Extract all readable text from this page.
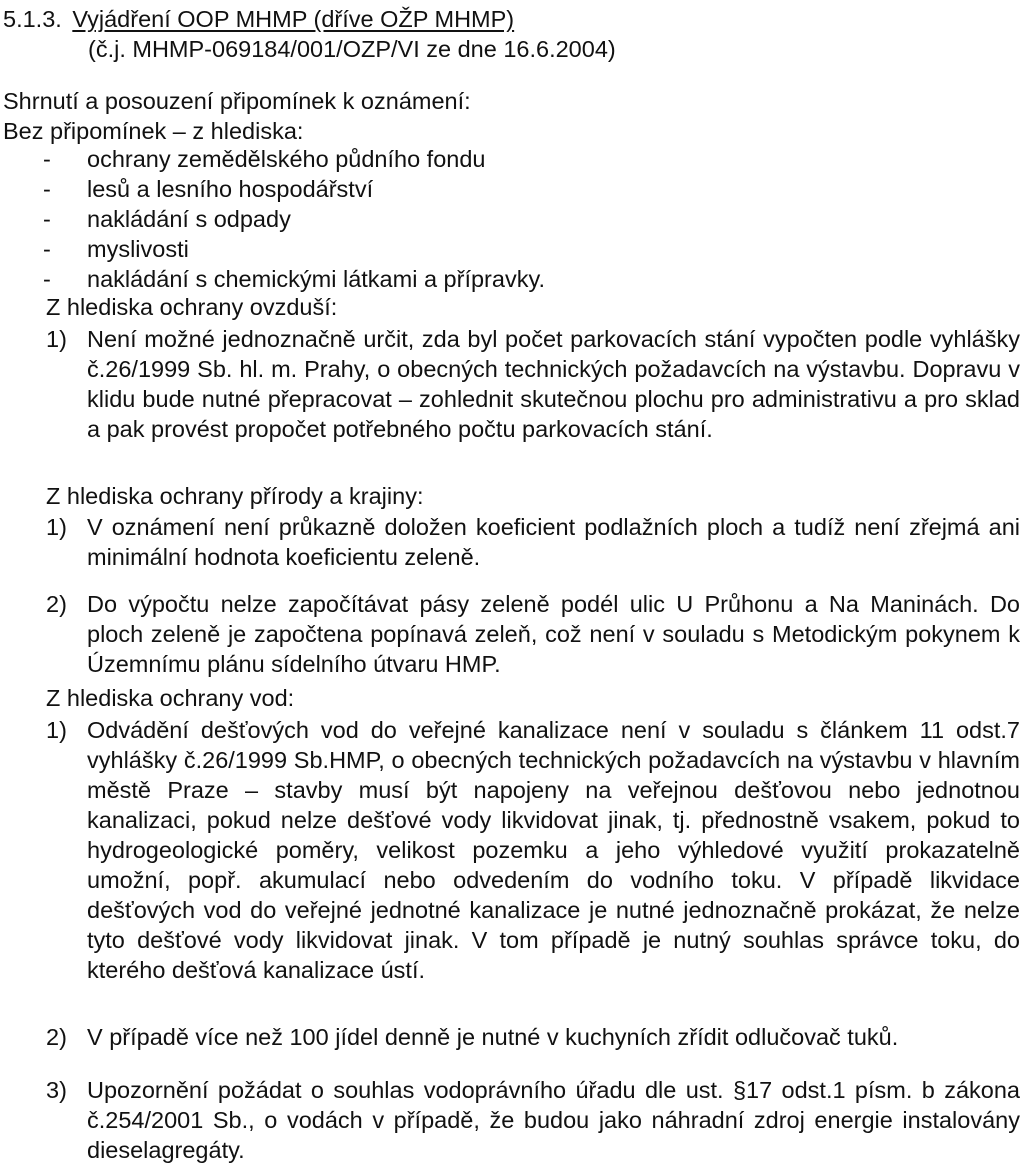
5.1.3. Vyjádření OOP MHMP (dříve OŽP MHMP)
(č.j. MHMP-069184/001/OZP/VI ze dne 16.6.2004)
Shrnutí a posouzení připomínek k oznámení:
Bez připomínek – z hlediska:
- ochrany zemědělského půdního fondu
- lesů a lesního hospodářství
- nakládání s odpady
- myslivosti
- nakládání s chemickými látkami a přípravky.
Z hlediska ochrany ovzduší:
1) Není možné jednoznačně určit, zda byl počet parkovacích stání vypočten podle vyhlášky č.26/1999 Sb. hl. m. Prahy, o obecných technických požadavcích na výstavbu. Dopravu v klidu bude nutné přepracovat – zohlednit skutečnou plochu pro administrativu a pro sklad a pak provést propočet potřebného počtu parkovacích stání.
Z hlediska ochrany přírody a krajiny:
1) V oznámení není průkazně doložen koeficient podlažních ploch a tudíž není zřejmá ani minimální hodnota koeficientu zeleně.
2) Do výpočtu nelze započítávat pásy zeleně podél ulic U Průhonu a Na Maninách. Do ploch zeleně je započtena popínavá zeleň, což není v souladu s Metodickým pokynem k Územnímu plánu sídelního útvaru HMP.
Z hlediska ochrany vod:
1) Odvádění dešťových vod do veřejné kanalizace není v souladu s článkem 11 odst.7 vyhlášky č.26/1999 Sb.HMP, o obecných technických požadavcích na výstavbu v hlavním městě Praze – stavby musí být napojeny na veřejnou dešťovou nebo jednotnou kanalizaci, pokud nelze dešťové vody likvidovat jinak, tj. přednostně vsakem, pokud to hydrogeologické poměry, velikost pozemku a jeho výhledové využití prokazatelně umožní, popř. akumulací nebo odvedením do vodního toku. V případě likvidace dešťových vod do veřejné jednotné kanalizace je nutné jednoznačně prokázat, že nelze tyto dešťové vody likvidovat jinak. V tom případě je nutný souhlas správce toku, do kterého dešťová kanalizace ústí.
2) V případě více než 100 jídel denně je nutné v kuchyních zřídit odlučovač tuků.
3) Upozornění požádat o souhlas vodoprávního úřadu dle ust. §17 odst.1 písm. b zákona č.254/2001 Sb., o vodách v případě, že budou jako náhradní zdroj energie instalovány dieselagregáty.
